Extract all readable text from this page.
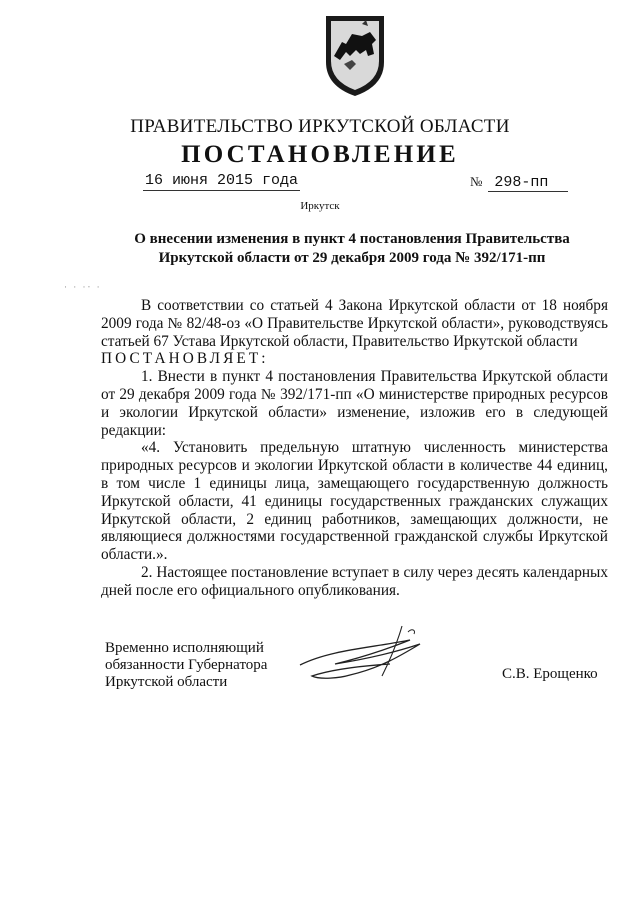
ПРАВИТЕЛЬСТВО ИРКУТСКОЙ ОБЛАСТИ
ПОСТАНОВЛЕНИЕ
16 июня 2015 года	№ 298-пп
Иркутск
О внесении изменения в пункт 4 постановления Правительства
Иркутской области от 29 декабря 2009 года № 392/171-пп
· · ·‧ ·

В соответствии со статьей 4 Закона Иркутской области от 18 ноября 2009 года № 82/48-оз «О Правительстве Иркутской области», руководствуясь статьей 67 Устава Иркутской области, Правительство Иркутской области

ПОСТАНОВЛЯЕТ:

1. Внести в пункт 4 постановления Правительства Иркутской области от 29 декабря 2009 года № 392/171-пп «О министерстве природных ресурсов и экологии Иркутской области» изменение, изложив его в следующей редакции:

«4. Установить предельную штатную численность министерства природных ресурсов и экологии Иркутской области в количестве 44 единиц, в том числе 1 единицы лица, замещающего государственную должность Иркутской области, 41 единицы государственных гражданских служащих Иркутской области, 2 единиц работников, замещающих должности, не являющиеся должностями государственной гражданской службы Иркутской области.».

2. Настоящее постановление вступает в силу через десять календарных дней после его официального опубликования.

Временно исполняющий
обязанности Губернатора
Иркутской области	С.В. Ерощенко
